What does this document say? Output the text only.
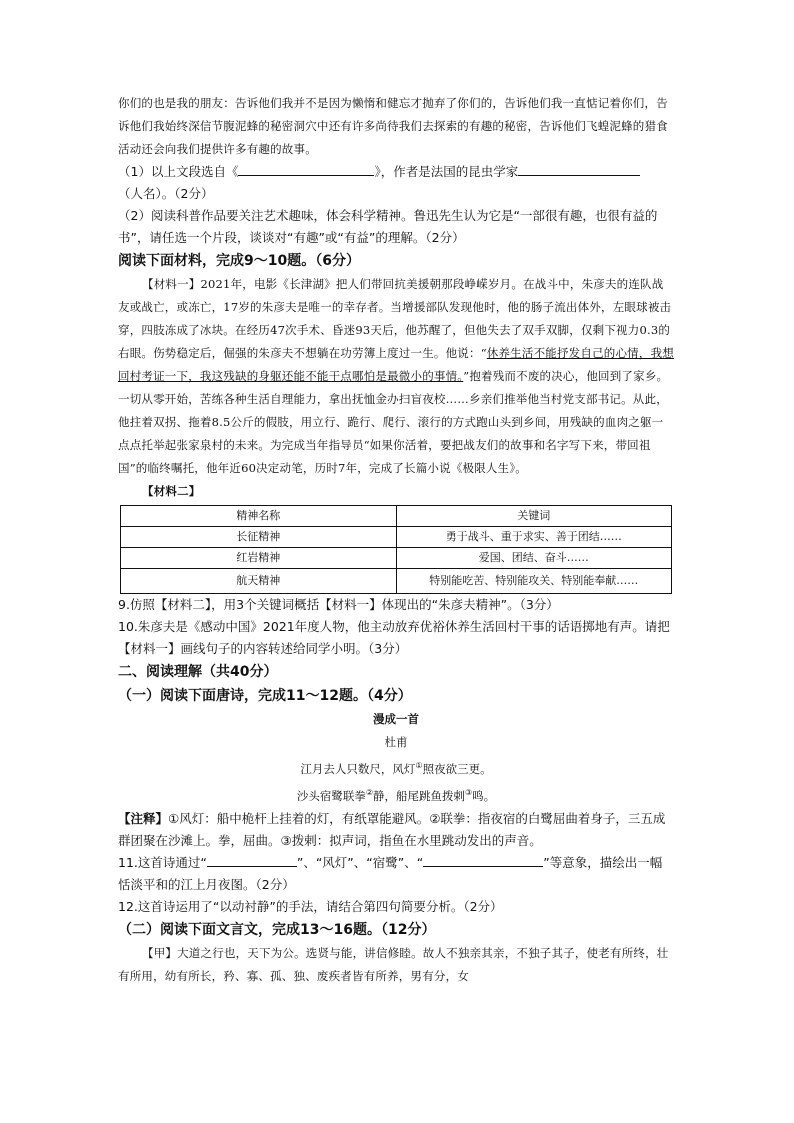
你们的也是我的朋友：告诉他们我并不是因为懒惰和健忘才抛弃了你们的，告诉他们我一直惦记着你们，告诉他们我始终深信节腹泥蜂的秘密洞穴中还有许多尚待我们去探索的有趣的秘密，告诉他们飞蝗泥蜂的猎食活动还会向我们提供许多有趣的故事。

（1）以上文段选自《	》，作者是法国的昆虫学家
（人名）。（2分）

（2）阅读科普作品要关注艺术趣味，体会科学精神。鲁迅先生认为它是“一部很有趣，也很有益的书”，请任选一个片段，谈谈对“有趣”或“有益”的理解。（2分）

阅读下面材料，完成9～10题。（6分）

【材料一】2021年，电影《长津湖》把人们带回抗美援朝那段峥嵘岁月。在战斗中，朱彦夫的连队战友或战亡，或冻亡，17岁的朱彦夫是唯一的幸存者。当增援部队发现他时，他的肠子流出体外，左眼球被击穿，四肢冻成了冰块。在经历47次手术、昏迷93天后，他苏醒了，但他失去了双手双脚，仅剩下视力0.3的右眼。伤势稳定后，倔强的朱彦夫不想躺在功劳簿上度过一生。他说：“休养生活不能抒发自己的心情，我想回村考证一下，我这残缺的身躯还能不能干点哪怕是最微小的事情。”抱着残而不废的决心，他回到了家乡。一切从零开始，苦练各种生活自理能力，拿出抚恤金办扫盲夜校……乡亲们推举他当村党支部书记。从此，他拄着双拐、拖着8.5公斤的假肢，用立行、跪行、爬行、滚行的方式跑山头到乡间，用残缺的血肉之躯一点点托举起张家泉村的未来。为完成当年指导员“如果你活着，要把战友们的故事和名字写下来，带回祖国”的临终嘱托，他年近60决定动笔，历时7年，完成了长篇小说《极限人生》。

【材料二】

精神名称	关键词
长征精神	勇于战斗、重于求实、善于团结……
红岩精神	爱国、团结、奋斗……
航天精神	特别能吃苦、特别能攻关、特别能奉献……

9.仿照【材料二】，用3个关键词概括【材料一】体现出的“朱彦夫精神”。（3分）

10.朱彦夫是《感动中国》2021年度人物，他主动放弃优裕休养生活回村干事的话语掷地有声。请把【材料一】画线句子的内容转述给同学小明。（3分）

二、阅读理解（共40分）

（一）阅读下面唐诗，完成11～12题。（4分）

漫成一首

杜甫

江月去人只数尺，风灯①照夜欲三更。

沙头宿鹭联拳②静，船尾跳鱼拨剌③鸣。

【注释】①风灯：船中桅杆上挂着的灯，有纸罩能避风。②联拳：指夜宿的白鹭屈曲着身子，三五成群团聚在沙滩上。拳，屈曲。③拨剌：拟声词，指鱼在水里跳动发出的声音。

11.这首诗通过“	”、“风灯”、“宿鹭”、“	”等意象，描绘出一幅恬淡平和的江上月夜图。（2分）

12.这首诗运用了“以动衬静”的手法，请结合第四句简要分析。（2分）

（二）阅读下面文言文，完成13～16题。（12分）

【甲】大道之行也，天下为公。选贤与能，讲信修睦。故人不独亲其亲，不独子其子，使老有所终，壮有所用，幼有所长，矜、寡、孤、独、废疾者皆有所养，男有分，女
